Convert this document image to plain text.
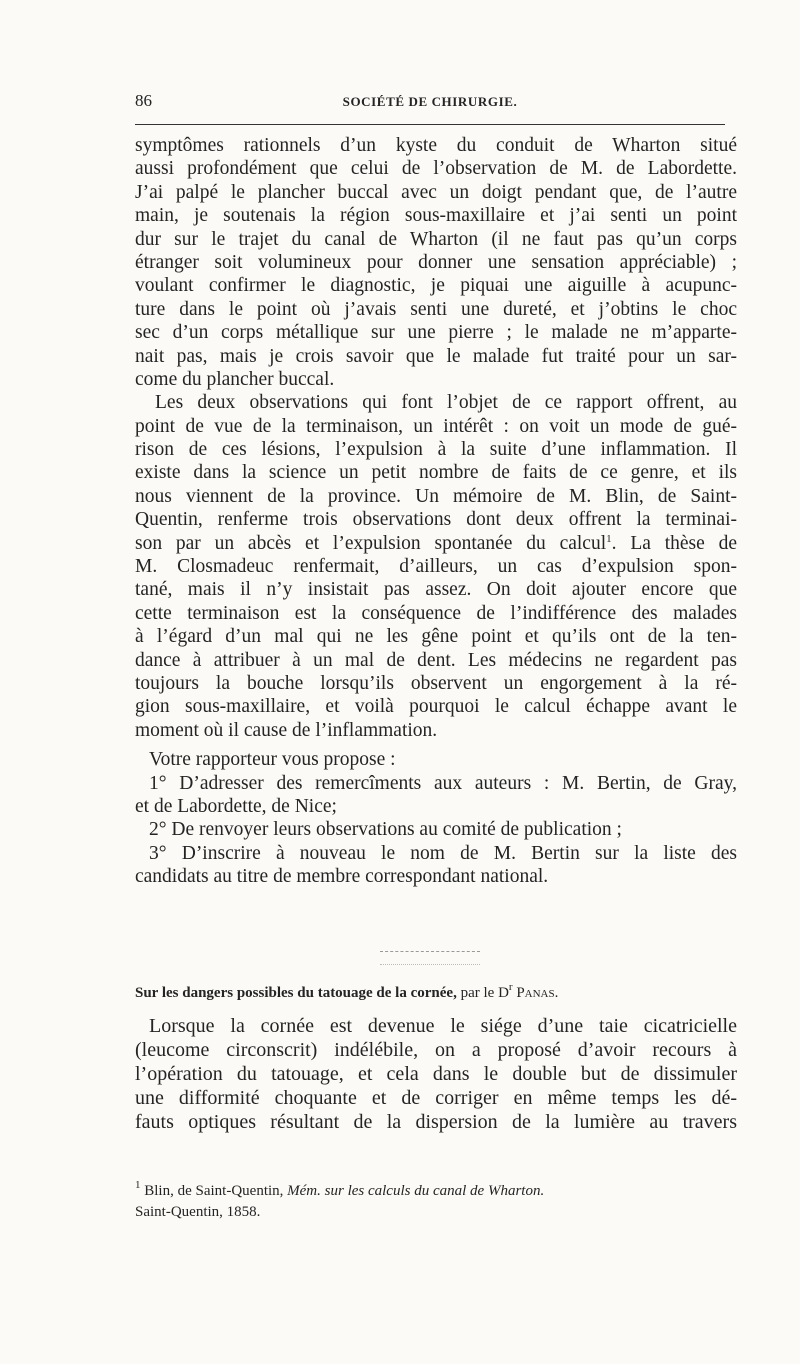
86	SOCIÉTÉ DE CHIRURGIE.
symptômes rationnels d’un kyste du conduit de Wharton situé
aussi profondément que celui de l’observation de M. de Labordette.
J’ai palpé le plancher buccal avec un doigt pendant que, de l’autre
main, je soutenais la région sous-maxillaire et j’ai senti un point
dur sur le trajet du canal de Wharton (il ne faut pas qu’un corps
étranger soit volumineux pour donner une sensation appréciable) ;
voulant confirmer le diagnostic, je piquai une aiguille à acupunc-
ture dans le point où j’avais senti une dureté, et j’obtins le choc
sec d’un corps métallique sur une pierre ; le malade ne m’apparte-
nait pas, mais je crois savoir que le malade fut traité pour un sar-
come du plancher buccal.
Les deux observations qui font l’objet de ce rapport offrent, au
point de vue de la terminaison, un intérêt : on voit un mode de gué-
rison de ces lésions, l’expulsion à la suite d’une inflammation. Il
existe dans la science un petit nombre de faits de ce genre, et ils
nous viennent de la province. Un mémoire de M. Blin, de Saint-
Quentin, renferme trois observations dont deux offrent la terminai-
son par un abcès et l’expulsion spontanée du calcul$^1$. La thèse de
M. Closmadeuc renfermait, d’ailleurs, un cas d’expulsion spon-
tané, mais il n’y insistait pas assez. On doit ajouter encore que
cette terminaison est la conséquence de l’indifférence des malades
à l’égard d’un mal qui ne les gêne point et qu’ils ont de la ten-
dance à attribuer à un mal de dent. Les médecins ne regardent pas
toujours la bouche lorsqu’ils observent un engorgement à la ré-
gion sous-maxillaire, et voilà pourquoi le calcul échappe avant le
moment où il cause de l’inflammation.
Votre rapporteur vous propose :
1° D’adresser des remercîments aux auteurs : M. Bertin, de Gray,
et de Labordette, de Nice;
2° De renvoyer leurs observations au comité de publication ;
3° D’inscrire à nouveau le nom de M. Bertin sur la liste des
candidats au titre de membre correspondant national.
Sur les dangers possibles du tatouage de la cornée, par le $D^r$ Panas.
Lorsque la cornée est devenue le siége d’une taie cicatricielle
(leucome circonscrit) indélébile, on a proposé d’avoir recours à
l’opération du tatouage, et cela dans le double but de dissimuler
une difformité choquante et de corriger en même temps les dé-
fauts optiques résultant de la dispersion de la lumière au travers
$^1$ Blin, de Saint-Quentin, Mém. sur les calculs du canal de Wharton.
Saint-Quentin, 1858.
